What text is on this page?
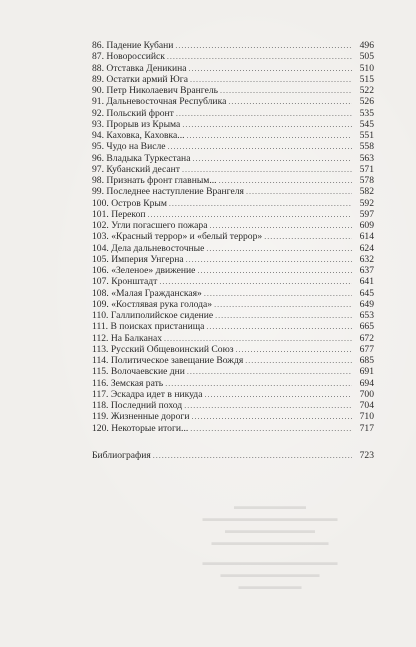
▬▬▬▬▬▬▬▬
▬▬▬▬▬▬▬▬▬▬▬▬▬▬▬
▬▬▬▬▬▬▬▬▬▬
▬▬▬▬▬▬▬▬▬▬▬▬▬
▬▬▬▬▬▬▬▬▬▬▬▬▬▬▬
▬▬▬▬▬▬▬▬▬▬▬
▬▬▬▬▬▬▬
86. Падение Кубани .....	496
87. Новороссийск .....	505
88. Отставка Деникина .....	510
89. Остатки армий Юга .....	515
90. Петр Николаевич Врангель .....	522
91. Дальневосточная Республика .....	526
92. Польский фронт .....	535
93. Прорыв из Крыма .....	545
94. Каховка, Каховка... .....	551
95. Чудо на Висле .....	558
96. Владыка Туркестана .....	563
97. Кубанский десант .....	571
98. Признать фронт главным... .....	578
99. Последнее наступление Врангеля .....	582
100. Остров Крым .....	592
101. Перекоп .....	597
102. Угли погасшего пожара .....	609
103. «Красный террор» и «белый террор» .....	614
104. Дела дальневосточные .....	624
105. Империя Унгерна .....	632
106. «Зеленое» движение .....	637
107. Кронштадт .....	641
108. «Малая Гражданская» .....	645
109. «Костлявая рука голода» .....	649
110. Галлиполийское сидение .....	653
111. В поисках пристанища .....	665
112. На Балканах .....	672
113. Русский Общевоинский Союз .....	677
114. Политическое завещание Вождя .....	685
115. Волочаевские дни .....	691
116. Земская рать .....	694
117. Эскадра идет в никуда .....	700
118. Последний поход .....	704
119. Жизненные дороги .....	710
120. Некоторые итоги... .....	717
Библиография .....	723
